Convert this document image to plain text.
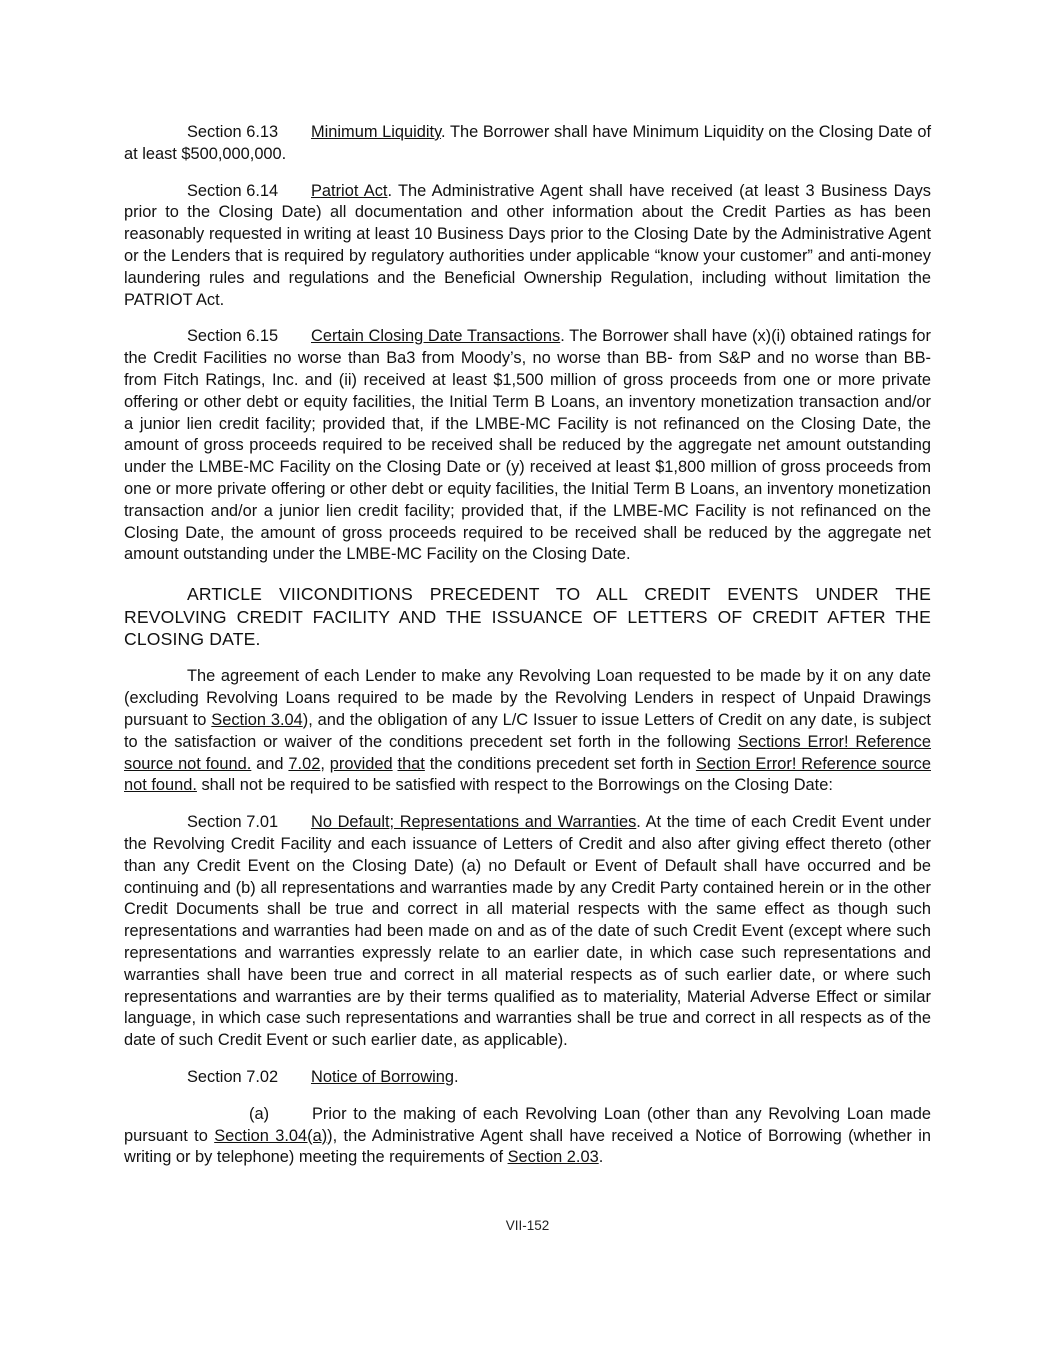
Section 6.13 Minimum Liquidity. The Borrower shall have Minimum Liquidity on the Closing Date of at least $500,000,000.

Section 6.14 Patriot Act. The Administrative Agent shall have received (at least 3 Business Days prior to the Closing Date) all documentation and other information about the Credit Parties as has been reasonably requested in writing at least 10 Business Days prior to the Closing Date by the Administrative Agent or the Lenders that is required by regulatory authorities under applicable “know your customer” and anti-money laundering rules and regulations and the Beneficial Ownership Regulation, including without limitation the PATRIOT Act.

Section 6.15 Certain Closing Date Transactions. The Borrower shall have (x)(i) obtained ratings for the Credit Facilities no worse than Ba3 from Moody’s, no worse than BB- from S&P and no worse than BB- from Fitch Ratings, Inc. and (ii) received at least $1,500 million of gross proceeds from one or more private offering or other debt or equity facilities, the Initial Term B Loans, an inventory monetization transaction and/or a junior lien credit facility; provided that, if the LMBE-MC Facility is not refinanced on the Closing Date, the amount of gross proceeds required to be received shall be reduced by the aggregate net amount outstanding under the LMBE-MC Facility on the Closing Date or (y) received at least $1,800 million of gross proceeds from one or more private offering or other debt or equity facilities, the Initial Term B Loans, an inventory monetization transaction and/or a junior lien credit facility; provided that, if the LMBE-MC Facility is not refinanced on the Closing Date, the amount of gross proceeds required to be received shall be reduced by the aggregate net amount outstanding under the LMBE-MC Facility on the Closing Date.

ARTICLE VIICONDITIONS PRECEDENT TO ALL CREDIT EVENTS UNDER THE REVOLVING CREDIT FACILITY AND THE ISSUANCE OF LETTERS OF CREDIT AFTER THE CLOSING DATE.

The agreement of each Lender to make any Revolving Loan requested to be made by it on any date (excluding Revolving Loans required to be made by the Revolving Lenders in respect of Unpaid Drawings pursuant to Section 3.04), and the obligation of any L/C Issuer to issue Letters of Credit on any date, is subject to the satisfaction or waiver of the conditions precedent set forth in the following Sections Error! Reference source not found. and 7.02, provided that the conditions precedent set forth in Section Error! Reference source not found. shall not be required to be satisfied with respect to the Borrowings on the Closing Date:

Section 7.01 No Default; Representations and Warranties. At the time of each Credit Event under the Revolving Credit Facility and each issuance of Letters of Credit and also after giving effect thereto (other than any Credit Event on the Closing Date) (a) no Default or Event of Default shall have occurred and be continuing and (b) all representations and warranties made by any Credit Party contained herein or in the other Credit Documents shall be true and correct in all material respects with the same effect as though such representations and warranties had been made on and as of the date of such Credit Event (except where such representations and warranties expressly relate to an earlier date, in which case such representations and warranties shall have been true and correct in all material respects as of such earlier date, or where such representations and warranties are by their terms qualified as to materiality, Material Adverse Effect or similar language, in which case such representations and warranties shall be true and correct in all respects as of the date of such Credit Event or such earlier date, as applicable).

Section 7.02 Notice of Borrowing.

(a)	Prior to the making of each Revolving Loan (other than any Revolving Loan made pursuant to Section 3.04(a)), the Administrative Agent shall have received a Notice of Borrowing (whether in writing or by telephone) meeting the requirements of Section 2.03.

VII-152
